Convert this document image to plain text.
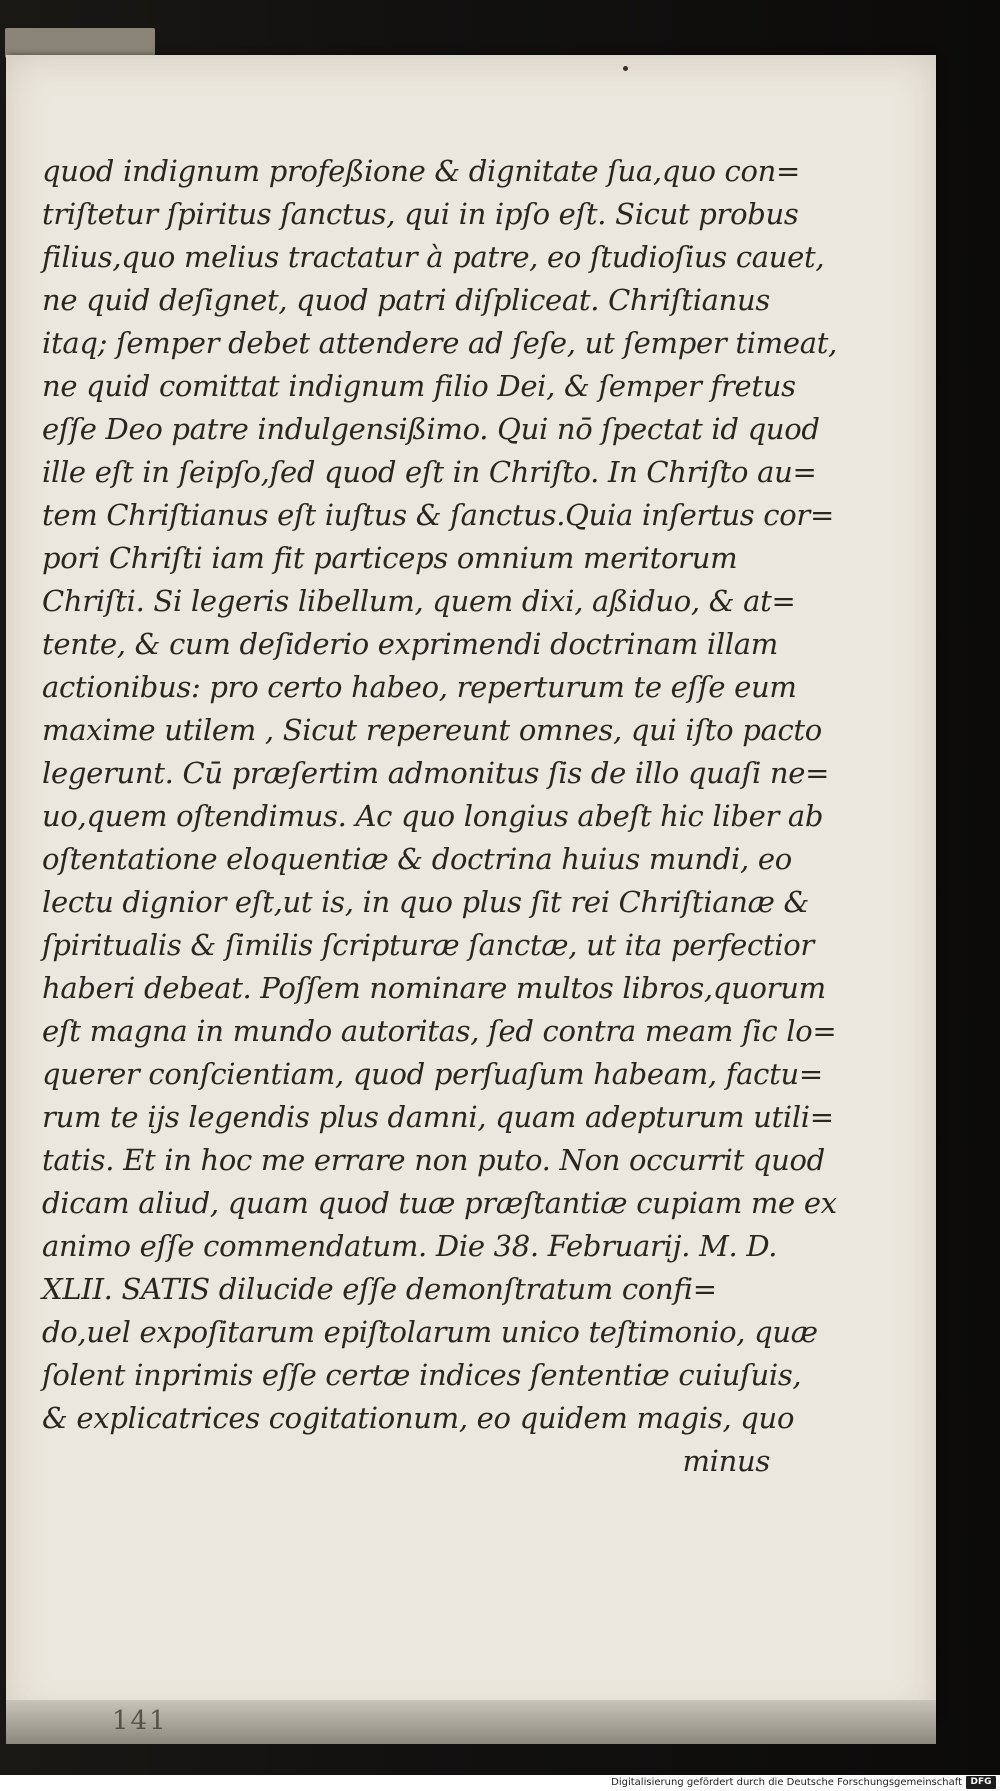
quod indignum profeßione & dignitate ſua,quo con=
triſtetur ſpiritus ſanctus, qui in ipſo eſt. Sicut probus
filius,quo melius tractatur à patre, eo ſtudioſius cauet,
ne quid deſignet, quod patri diſpliceat. Chriſtianus
itaq; ſemper debet attendere ad ſeſe, ut ſemper timeat,
ne quid comittat indignum filio Dei, & ſemper fretus
eſſe Deo patre indulgensißimo. Qui nō ſpectat id quod
ille eſt in ſeipſo,ſed quod eſt in Chriſto. In Chriſto au=
tem Chriſtianus eſt iuſtus & ſanctus.Quia inſertus cor=
pori Chriſti iam fit particeps omnium meritorum
Chriſti. Si legeris libellum, quem dixi, aßiduo, & at=
tente, & cum deſiderio exprimendi doctrinam illam
actionibus: pro certo habeo, reperturum te eſſe eum
maxime utilem , Sicut repereunt omnes, qui iſto pacto
legerunt. Cū præſertim admonitus ſis de illo quaſi ne=
uo,quem oſtendimus. Ac quo longius abeſt hic liber ab
oſtentatione eloquentiæ & doctrina huius mundi, eo
lectu dignior eſt,ut is, in quo plus ſit rei Chriſtianæ &
ſpiritualis & ſimilis ſcripturæ ſanctæ, ut ita perfectior
haberi debeat. Poſſem nominare multos libros,quorum
eſt magna in mundo autoritas, ſed contra meam ſic lo=
querer conſcientiam, quod perſuaſum habeam, factu=
rum te ijs legendis plus damni, quam adepturum utili=
tatis. Et in hoc me errare non puto. Non occurrit quod
dicam aliud, quam quod tuæ præſtantiæ cupiam me ex
animo eſſe commendatum. Die 38. Februarij. M. D.
XLII. SATIS dilucide eſſe demonſtratum confi=
do,uel expoſitarum epiſtolarum unico teſtimonio, quæ
ſolent inprimis eſſe certæ indices ſententiæ cuiuſuis,
& explicatrices cogitationum, eo quidem magis, quo
minus
141
Digitalisierung gefördert durch die Deutsche Forschungsgemeinschaft DFG
